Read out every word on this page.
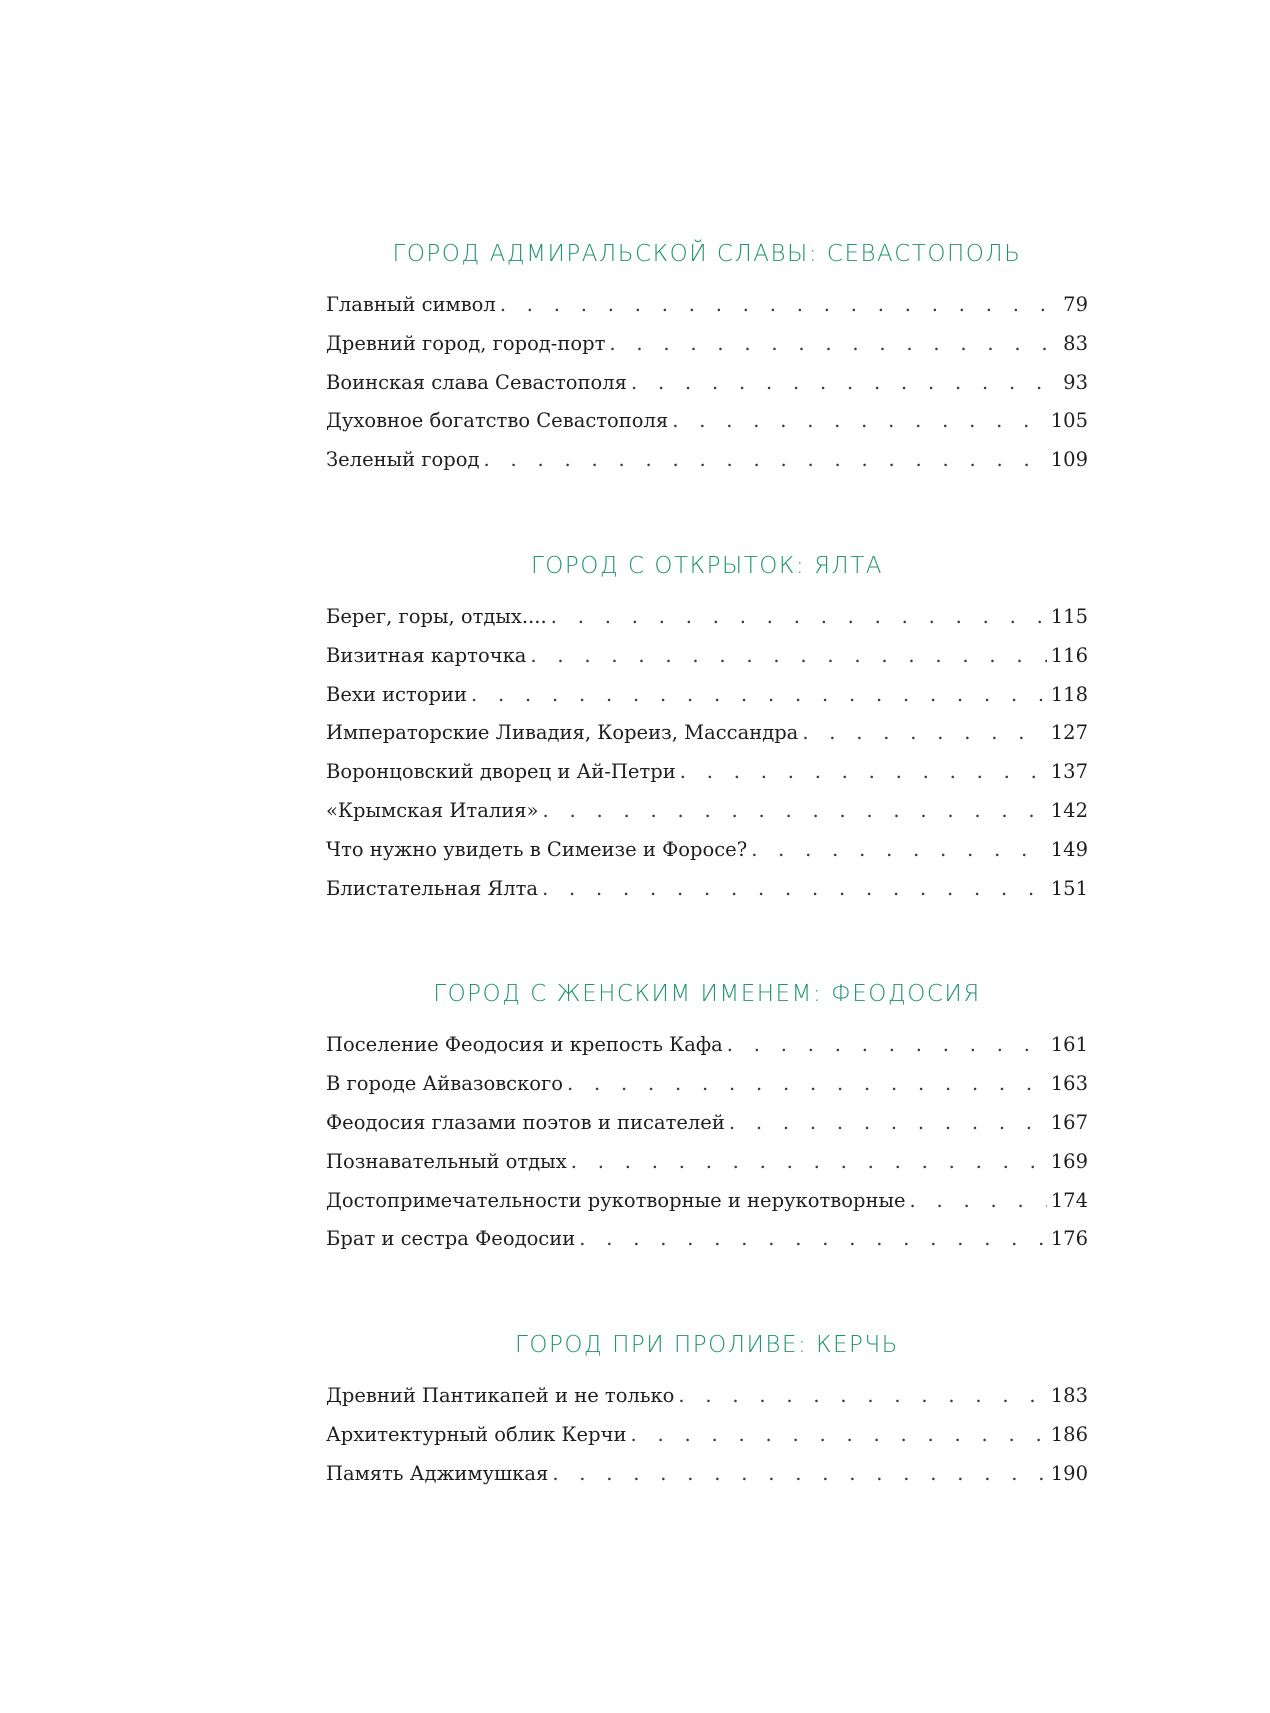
ГОРОД АДМИРАЛЬСКОЙ СЛАВЫ: СЕВАСТОПОЛЬ
Главный символ . . .	79
Древний город, город-порт . . .	83
Воинская слава Севастополя . . .	93
Духовное богатство Севастополя . . .	105
Зеленый город . . .	109
ГОРОД С ОТКРЫТОК: ЯЛТА
Берег, горы, отдых.... . . .	115
Визитная карточка . . .	116
Вехи истории . . .	118
Императорские Ливадия, Кореиз, Массандра . . .	127
Воронцовский дворец и Ай-Петри . . .	137
«Крымская Италия» . . .	142
Что нужно увидеть в Симеизе и Форосе? . . .	149
Блистательная Ялта . . .	151
ГОРОД С ЖЕНСКИМ ИМЕНЕМ: ФЕОДОСИЯ
Поселение Феодосия и крепость Кафа . . .	161
В городе Айвазовского . . .	163
Феодосия глазами поэтов и писателей . . .	167
Познавательный отдых . . .	169
Достопримечательности рукотворные и нерукотворные . . .	174
Брат и сестра Феодосии . . .	176
ГОРОД ПРИ ПРОЛИВЕ: КЕРЧЬ
Древний Пантикапей и не только . . .	183
Архитектурный облик Керчи . . .	186
Память Аджимушкая . . .	190
